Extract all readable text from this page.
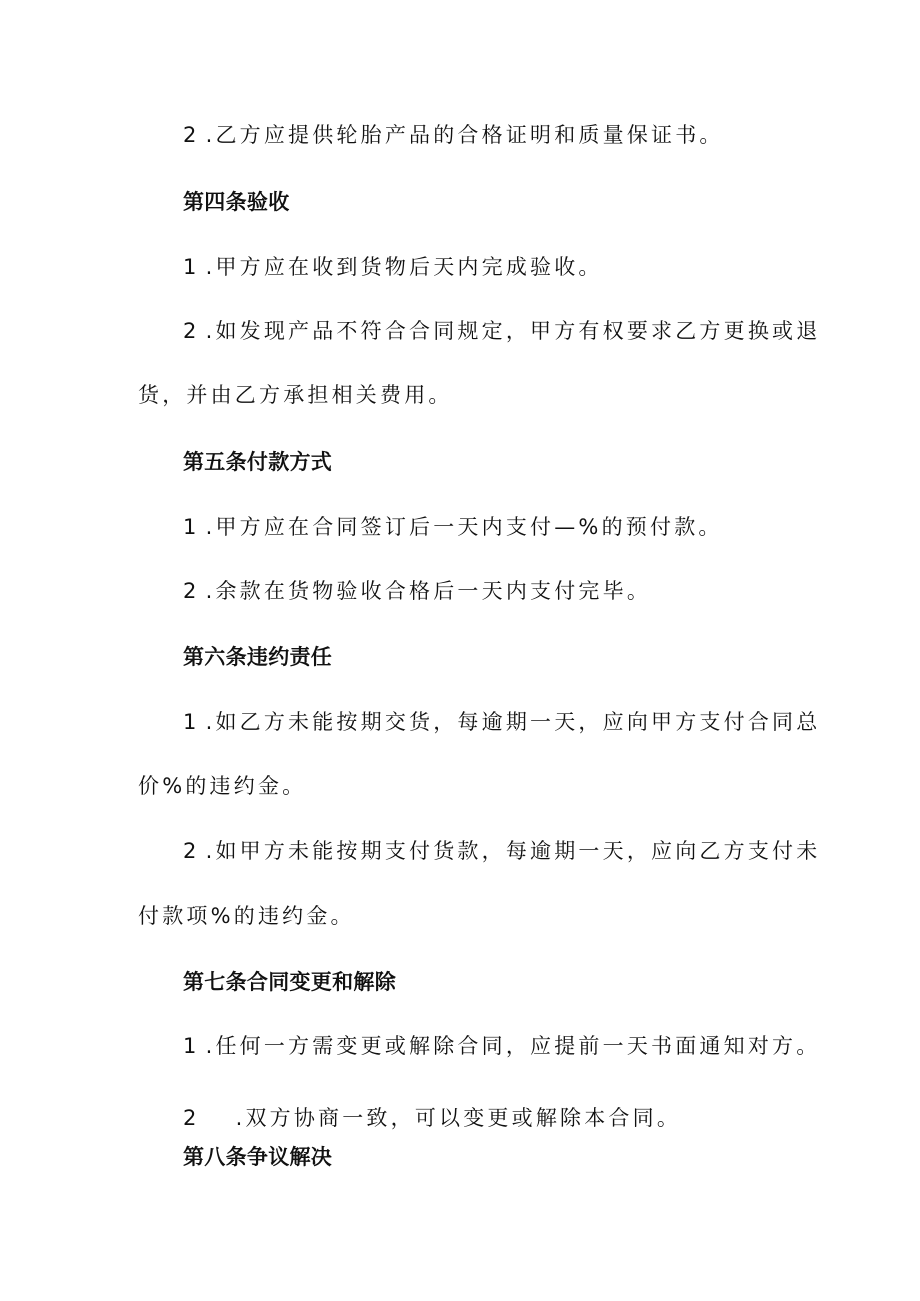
2 .乙方应提供轮胎产品的合格证明和质量保证书。
第四条验收
1 .甲方应在收到货物后天内完成验收。
2 .如发现产品不符合合同规定，甲方有权要求乙方更换或退
货，并由乙方承担相关费用。
第五条付款方式
1 .甲方应在合同签订后一天内支付—%的预付款。
2 .余款在货物验收合格后一天内支付完毕。
第六条违约责任
1 .如乙方未能按期交货，每逾期一天，应向甲方支付合同总
价%的违约金。
2 .如甲方未能按期支付货款，每逾期一天，应向乙方支付未
付款项%的违约金。
第七条合同变更和解除
1 .任何一方需变更或解除合同，应提前一天书面通知对方。
2 .双方协商一致，可以变更或解除本合同。
第八条争议解决
